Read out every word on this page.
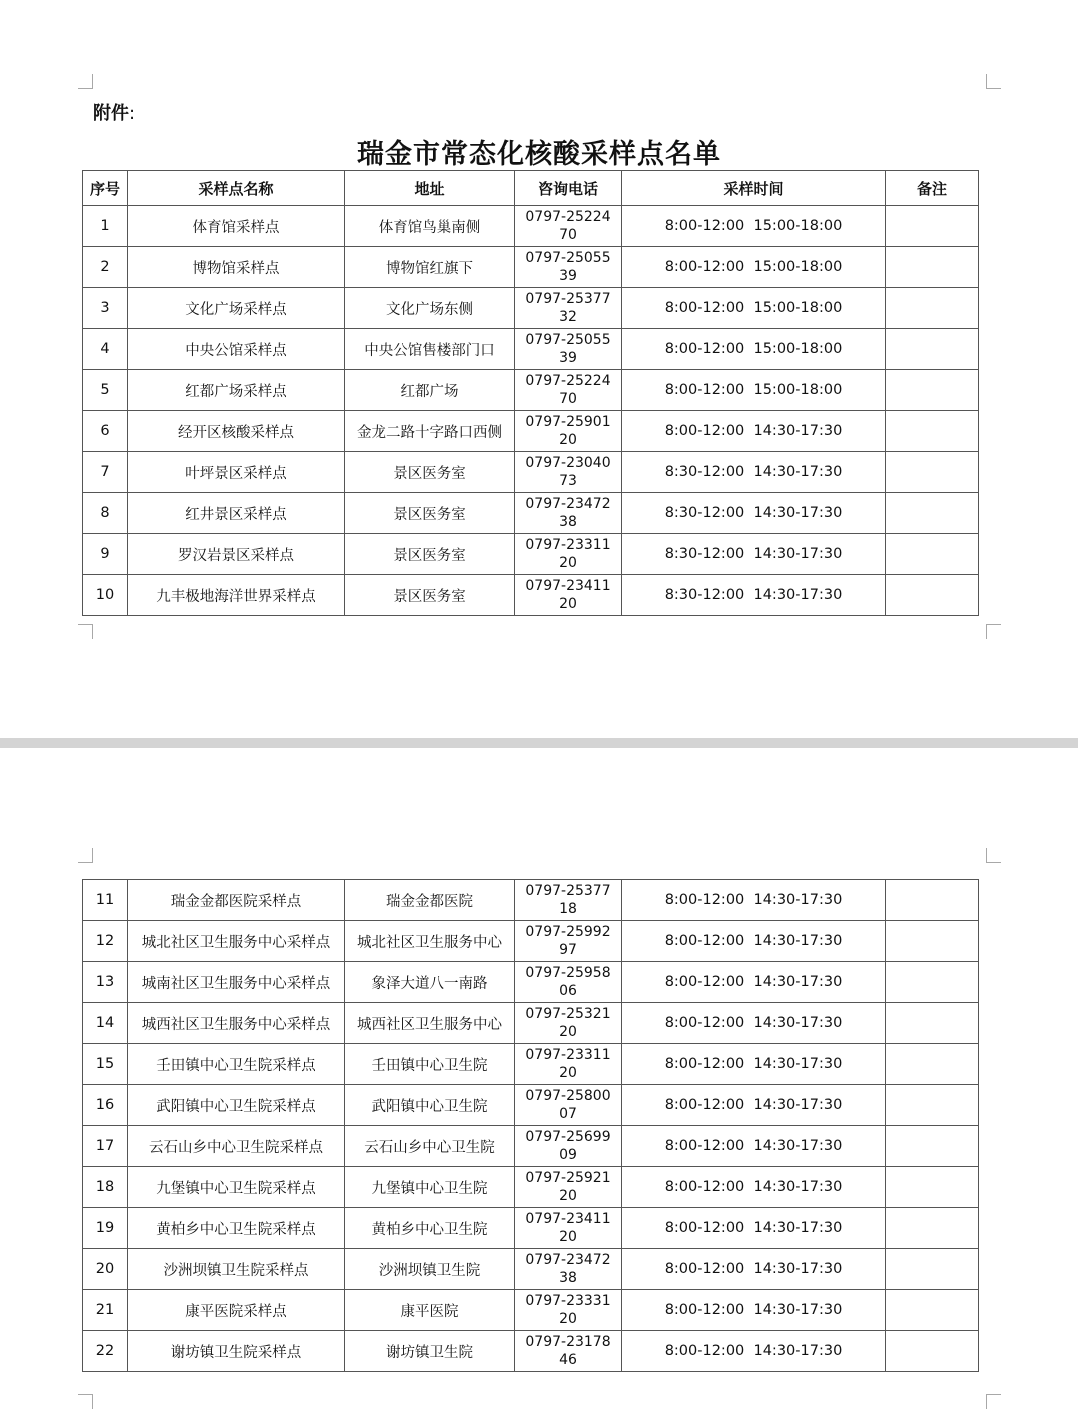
附件:
瑞金市常态化核酸采样点名单
序号	采样点名称	地址	咨询电话	采样时间	备注
1	体育馆采样点	体育馆鸟巢南侧	0797-2522470	8:00-12:00  15:00-18:00	
2	博物馆采样点	博物馆红旗下	0797-2505539	8:00-12:00  15:00-18:00	
3	文化广场采样点	文化广场东侧	0797-2537732	8:00-12:00  15:00-18:00	
4	中央公馆采样点	中央公馆售楼部门口	0797-2505539	8:00-12:00  15:00-18:00	
5	红都广场采样点	红都广场	0797-2522470	8:00-12:00  15:00-18:00	
6	经开区核酸采样点	金龙二路十字路口西侧	0797-2590120	8:00-12:00  14:30-17:30	
7	叶坪景区采样点	景区医务室	0797-2304073	8:30-12:00  14:30-17:30	
8	红井景区采样点	景区医务室	0797-2347238	8:30-12:00  14:30-17:30	
9	罗汉岩景区采样点	景区医务室	0797-2331120	8:30-12:00  14:30-17:30	
10	九丰极地海洋世界采样点	景区医务室	0797-2341120	8:30-12:00  14:30-17:30	
11	瑞金金都医院采样点	瑞金金都医院	0797-2537718	8:00-12:00  14:30-17:30	
12	城北社区卫生服务中心采样点	城北社区卫生服务中心	0797-2599297	8:00-12:00  14:30-17:30	
13	城南社区卫生服务中心采样点	象泽大道八一南路	0797-2595806	8:00-12:00  14:30-17:30	
14	城西社区卫生服务中心采样点	城西社区卫生服务中心	0797-2532120	8:00-12:00  14:30-17:30	
15	壬田镇中心卫生院采样点	壬田镇中心卫生院	0797-2331120	8:00-12:00  14:30-17:30	
16	武阳镇中心卫生院采样点	武阳镇中心卫生院	0797-2580007	8:00-12:00  14:30-17:30	
17	云石山乡中心卫生院采样点	云石山乡中心卫生院	0797-2569909	8:00-12:00  14:30-17:30	
18	九堡镇中心卫生院采样点	九堡镇中心卫生院	0797-2592120	8:00-12:00  14:30-17:30	
19	黄柏乡中心卫生院采样点	黄柏乡中心卫生院	0797-2341120	8:00-12:00  14:30-17:30	
20	沙洲坝镇卫生院采样点	沙洲坝镇卫生院	0797-2347238	8:00-12:00  14:30-17:30	
21	康平医院采样点	康平医院	0797-2333120	8:00-12:00  14:30-17:30	
22	谢坊镇卫生院采样点	谢坊镇卫生院	0797-2317846	8:00-12:00  14:30-17:30	
